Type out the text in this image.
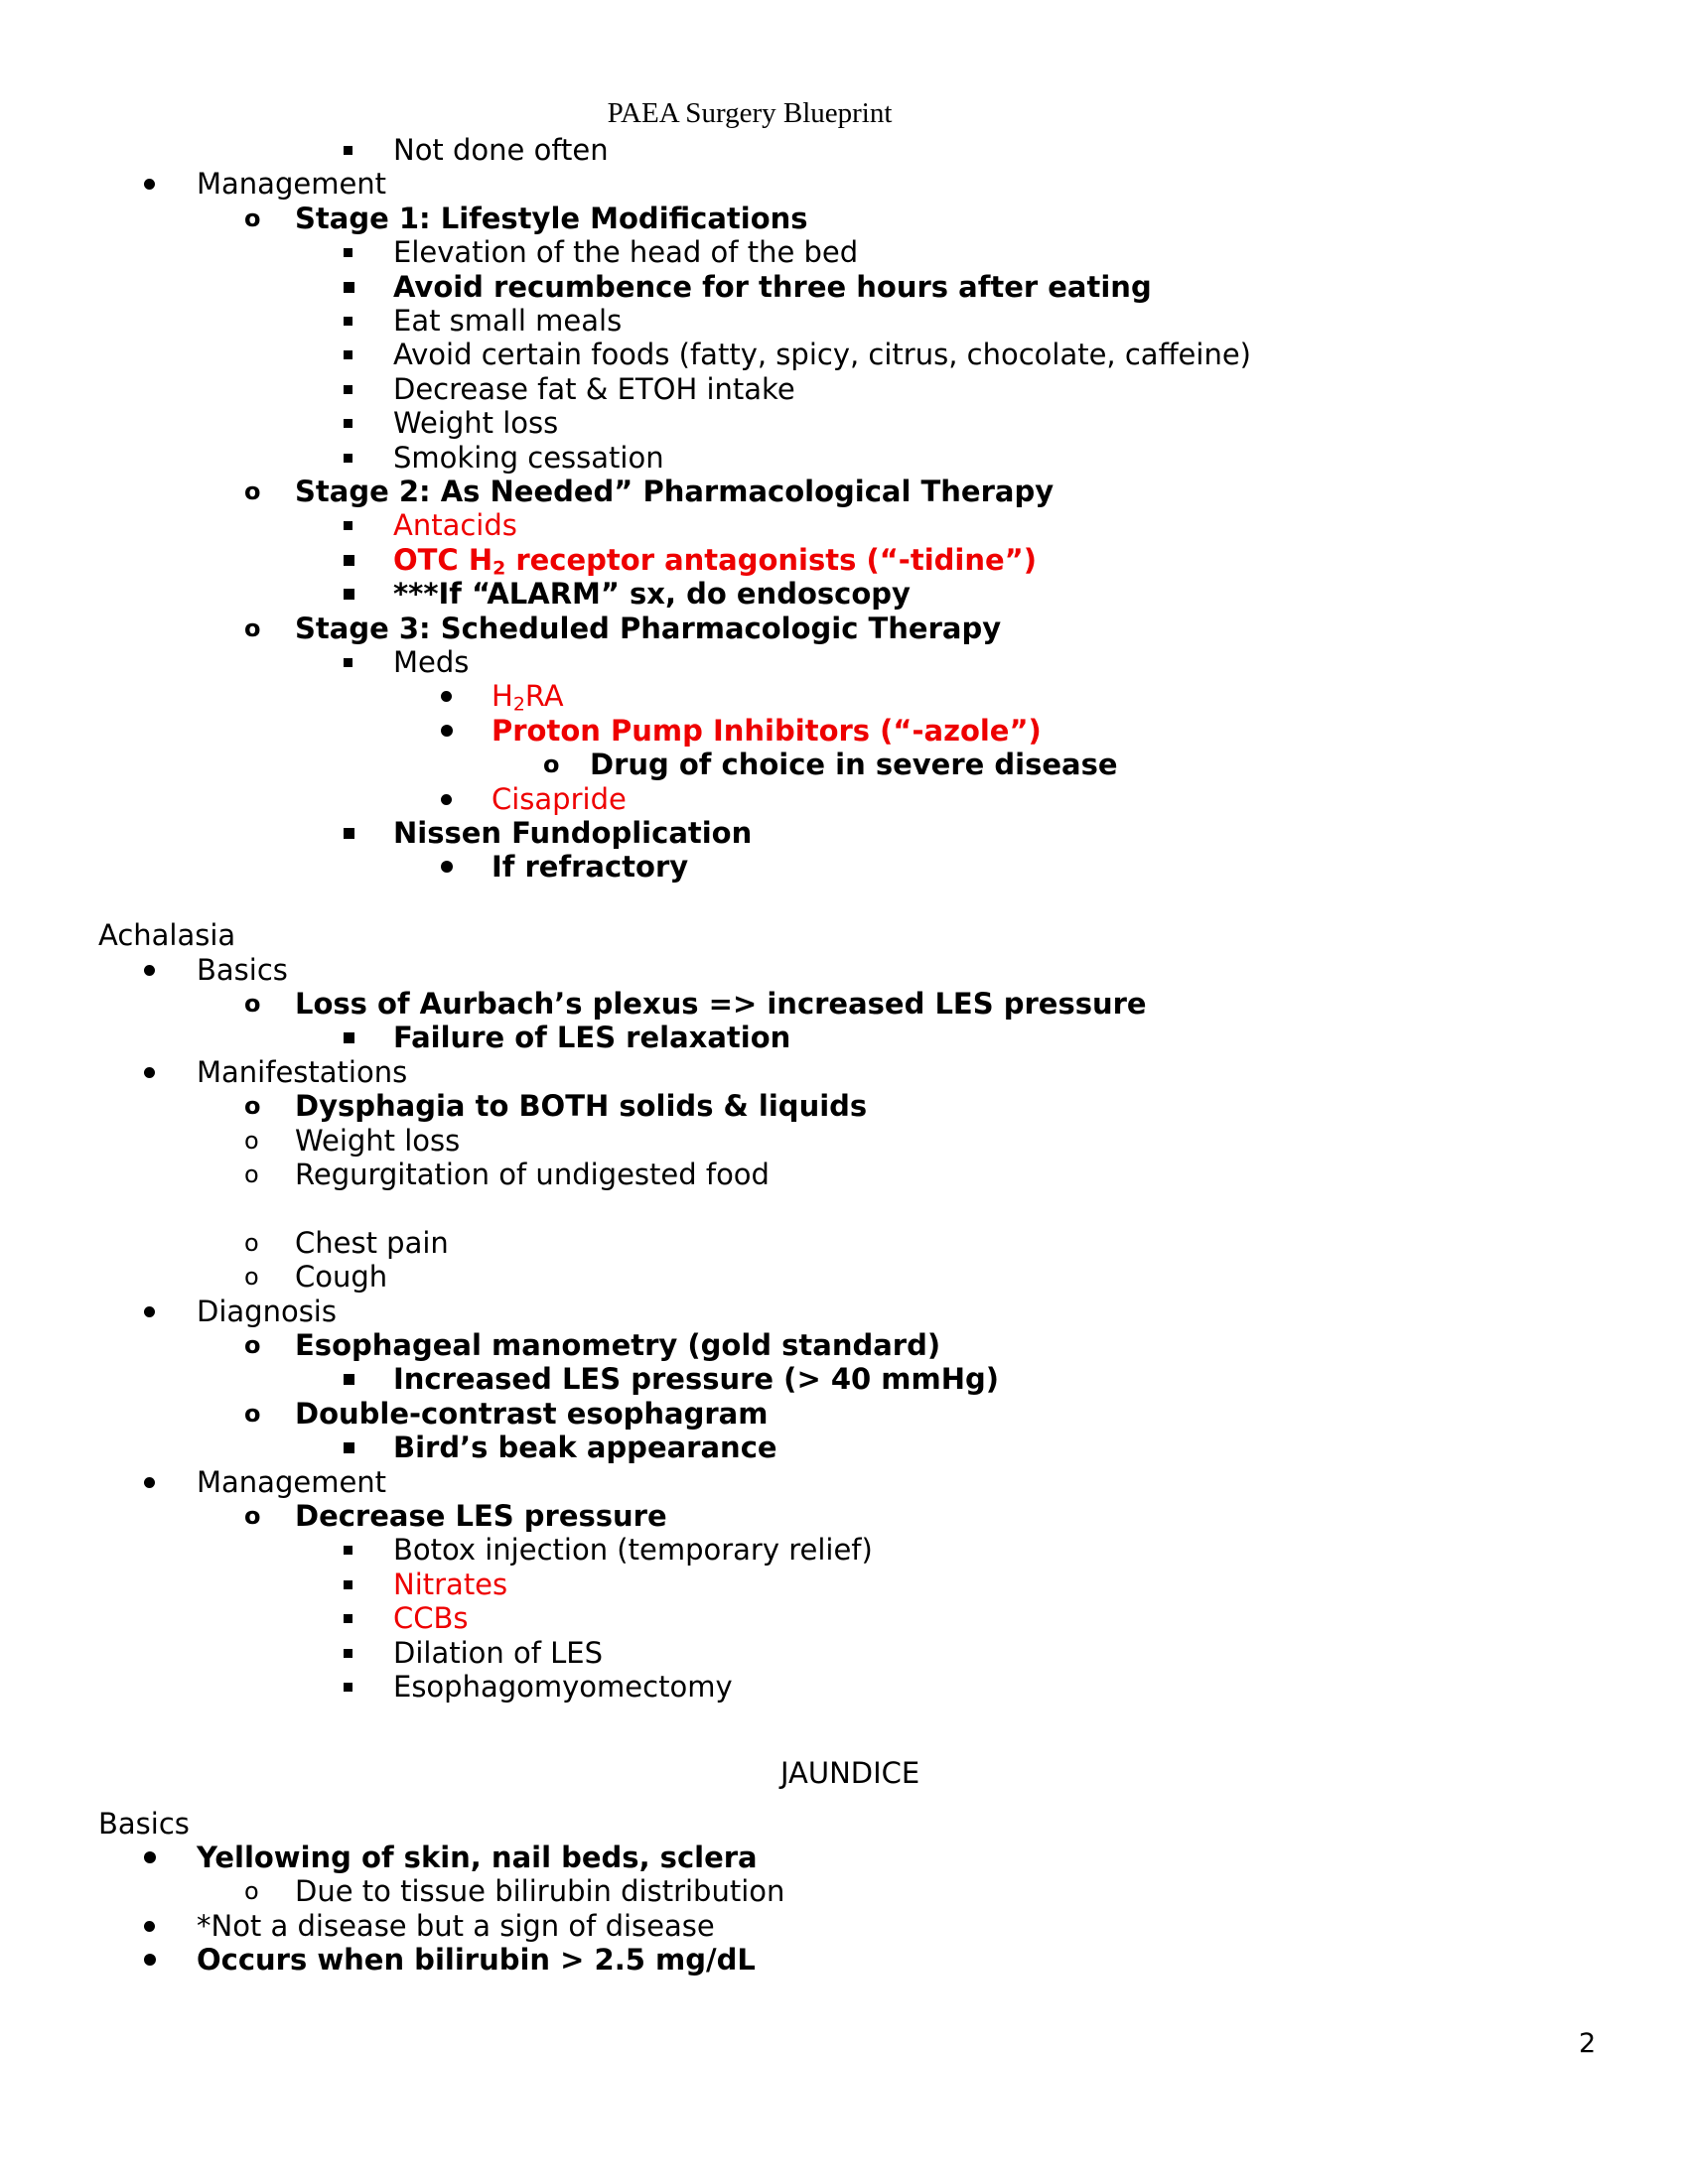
PAEA Surgery Blueprint
Not done often
Management
o Stage 1: Lifestyle Modifications
Elevation of the head of the bed
Avoid recumbence for three hours after eating
Eat small meals
Avoid certain foods (fatty, spicy, citrus, chocolate, caffeine)
Decrease fat & ETOH intake
Weight loss
Smoking cessation
o Stage 2: As Needed” Pharmacological Therapy
Antacids
OTC $H_2$ receptor antagonists (“-tidine”)
***If “ALARM” sx, do endoscopy
o Stage 3: Scheduled Pharmacologic Therapy
Meds
$H_2RA$
Proton Pump Inhibitors (“-azole”)
o Drug of choice in severe disease
Cisapride
Nissen Fundoplication
If refractory
Achalasia
Basics
o Loss of Aurbach’s plexus => increased LES pressure
Failure of LES relaxation
Manifestations
o Dysphagia to BOTH solids & liquids
o Weight loss
o Regurgitation of undigested food
o Chest pain
o Cough
Diagnosis
o Esophageal manometry (gold standard)
Increased LES pressure (> 40 mmHg)
o Double-contrast esophagram
Bird’s beak appearance
Management
o Decrease LES pressure
Botox injection (temporary relief)
Nitrates
CCBs
Dilation of LES
Esophagomyomectomy
Basics
Yellowing of skin, nail beds, sclera
o Due to tissue bilirubin distribution
*Not a disease but a sign of disease
Occurs when bilirubin > 2.5 mg/dL
JAUNDICE
2
